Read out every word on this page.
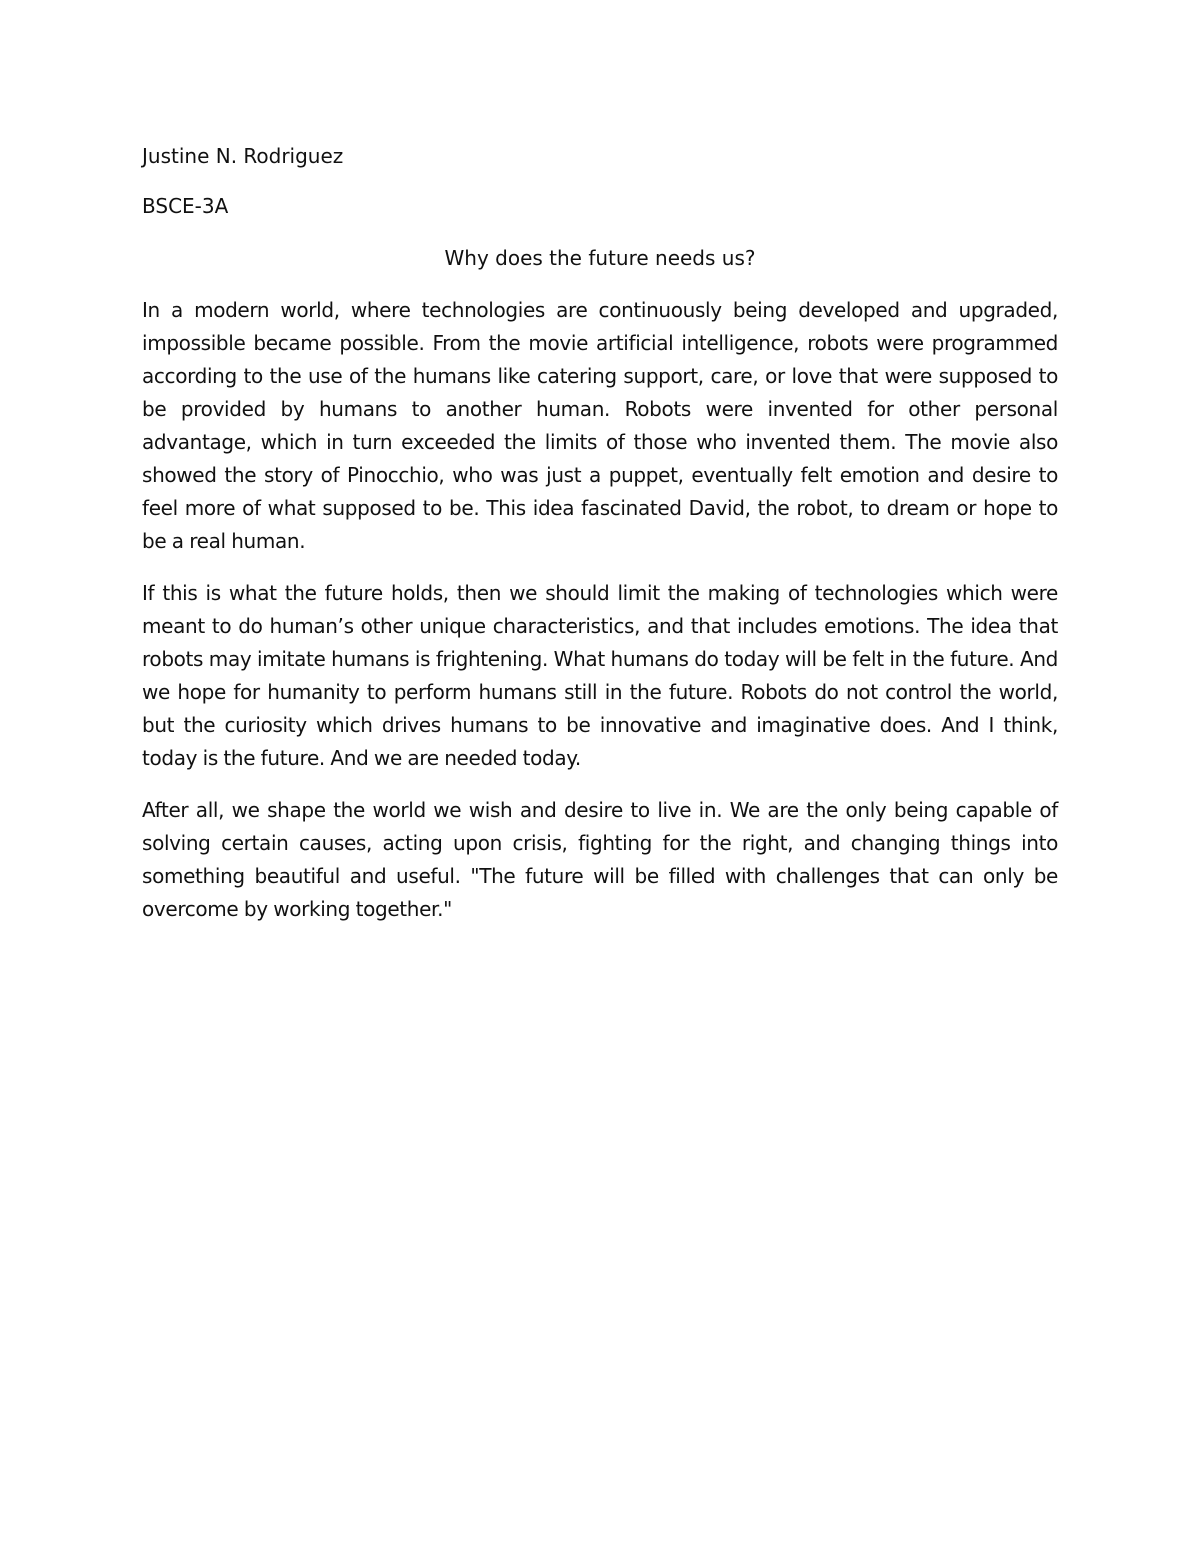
Justine N. Rodriguez

BSCE-3A

Why does the future needs us?

In a modern world, where technologies are continuously being developed and upgraded, impossible became possible. From the movie artificial intelligence, robots were programmed according to the use of the humans like catering support, care, or love that were supposed to be provided by humans to another human. Robots were invented for other personal advantage, which in turn exceeded the limits of those who invented them. The movie also showed the story of Pinocchio, who was just a puppet, eventually felt emotion and desire to feel more of what supposed to be. This idea fascinated David, the robot, to dream or hope to be a real human.

If this is what the future holds, then we should limit the making of technologies which were meant to do human’s other unique characteristics, and that includes emotions. The idea that robots may imitate humans is frightening. What humans do today will be felt in the future. And we hope for humanity to perform humans still in the future. Robots do not control the world, but the curiosity which drives humans to be innovative and imaginative does. And I think, today is the future. And we are needed today.

After all, we shape the world we wish and desire to live in. We are the only being capable of solving certain causes, acting upon crisis, fighting for the right, and changing things into something beautiful and useful. "The future will be filled with challenges that can only be overcome by working together."
